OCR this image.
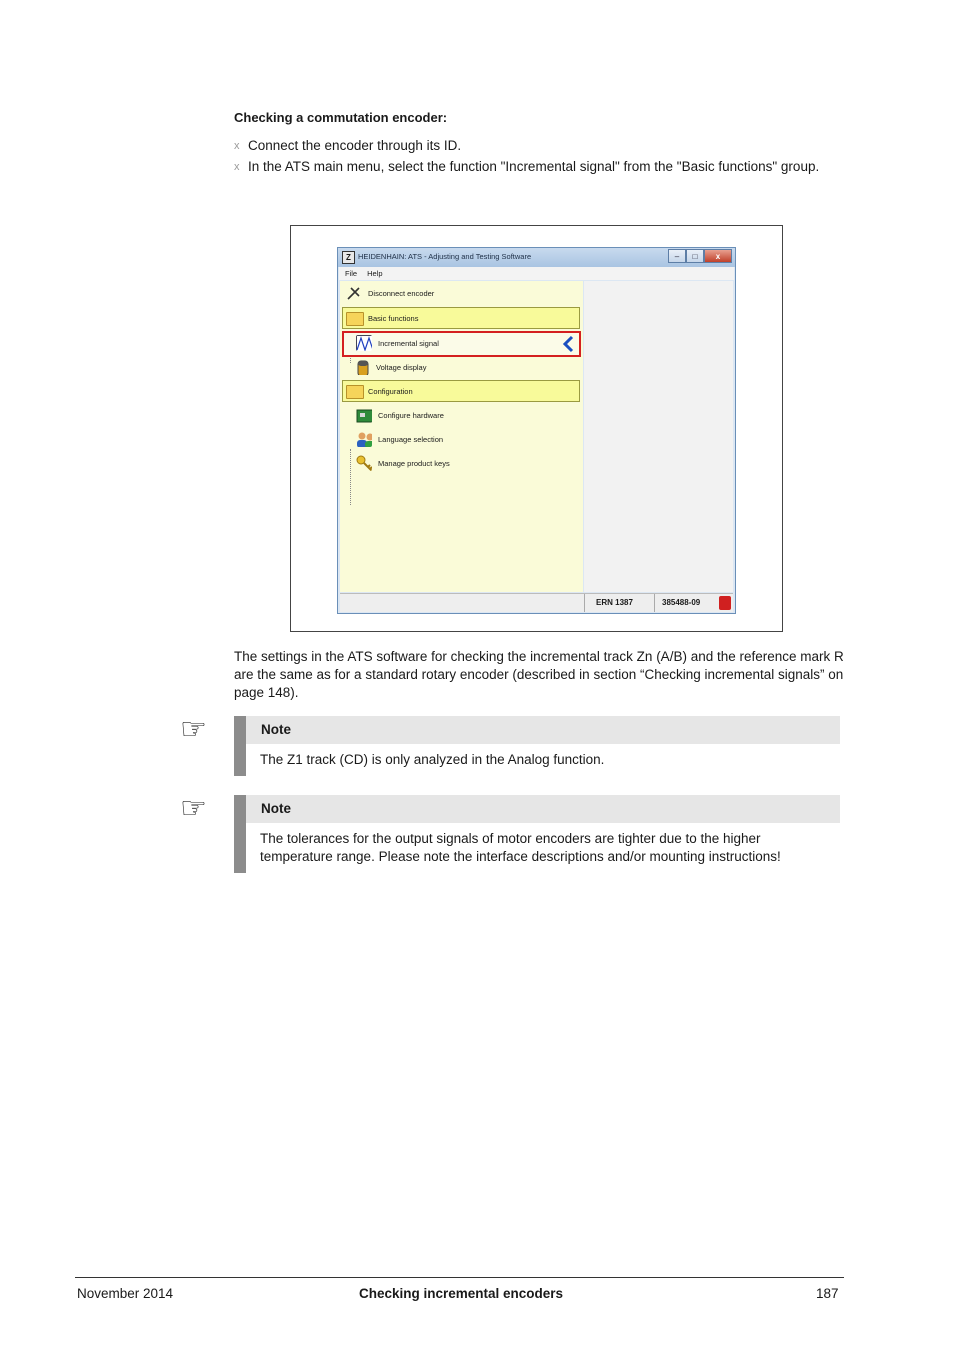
Checking a commutation encoder:
x Connect the encoder through its ID.
x In the ATS main menu, select the function "Incremental signal" from the "Basic functions" group.
Z HEIDENHAIN: ATS - Adjusting and Testing Software	–	□	x
File Help
Disconnect encoder
Basic functions
Incremental signal
Voltage display
Configuration
Configure hardware
Language selection
Manage product keys
ERN 1387	385488-09
The settings in the ATS software for checking the incremental track Zn (A/B) and the reference mark R are the same as for a standard rotary encoder (described in section “Checking incremental signals” on page 148).
☞	Note
The Z1 track (CD) is only analyzed in the Analog function.
☞	Note
The tolerances for the output signals of motor encoders are tighter due to the higher temperature range. Please note the interface descriptions and/or mounting instructions!
November 2014	Checking incremental encoders	187
